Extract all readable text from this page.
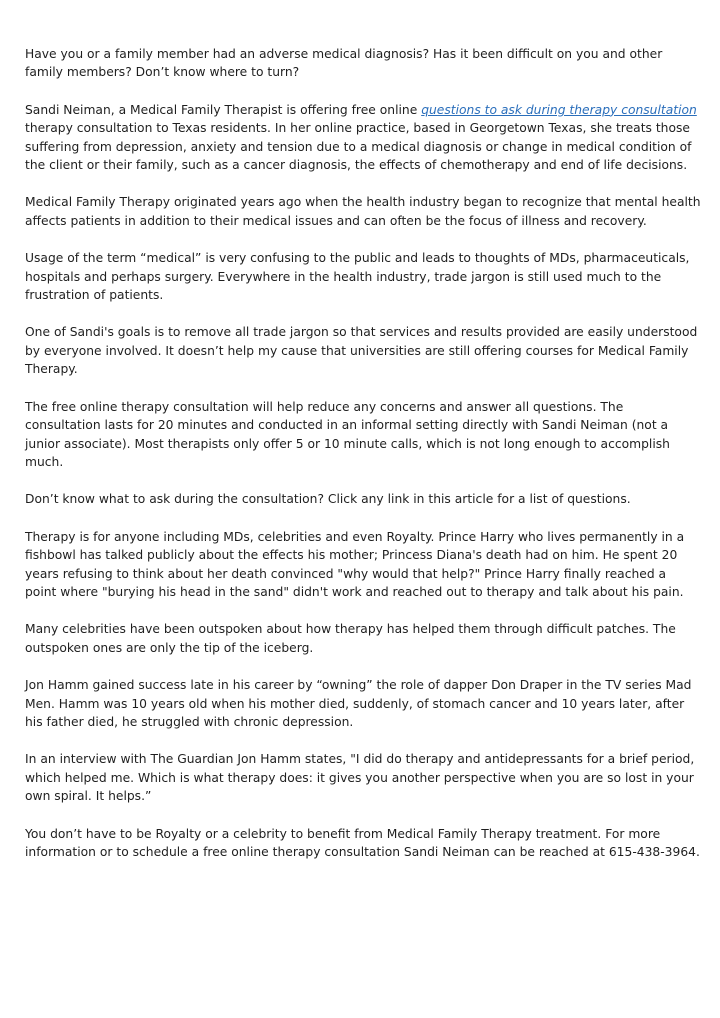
Have you or a family member had an adverse medical diagnosis? Has it been difficult on you and other family members? Don’t know where to turn?

Sandi Neiman, a Medical Family Therapist is offering free online questions to ask during therapy consultation therapy consultation to Texas residents. In her online practice, based in Georgetown Texas, she treats those suffering from depression, anxiety and tension due to a medical diagnosis or change in medical condition of the client or their family, such as a cancer diagnosis, the effects of chemotherapy and end of life decisions.

Medical Family Therapy originated years ago when the health industry began to recognize that mental health affects patients in addition to their medical issues and can often be the focus of illness and recovery.

Usage of the term “medical” is very confusing to the public and leads to thoughts of MDs, pharmaceuticals, hospitals and perhaps surgery. Everywhere in the health industry, trade jargon is still used much to the frustration of patients.

One of Sandi's goals is to remove all trade jargon so that services and results provided are easily understood by everyone involved. It doesn’t help my cause that universities are still offering courses for Medical Family Therapy.

The free online therapy consultation will help reduce any concerns and answer all questions. The consultation lasts for 20 minutes and conducted in an informal setting directly with Sandi Neiman (not a junior associate). Most therapists only offer 5 or 10 minute calls, which is not long enough to accomplish much.

Don’t know what to ask during the consultation? Click any link in this article for a list of questions.

Therapy is for anyone including MDs, celebrities and even Royalty. Prince Harry who lives permanently in a fishbowl has talked publicly about the effects his mother; Princess Diana's death had on him. He spent 20 years refusing to think about her death convinced "why would that help?" Prince Harry finally reached a point where "burying his head in the sand" didn't work and reached out to therapy and talk about his pain.

Many celebrities have been outspoken about how therapy has helped them through difficult patches. The outspoken ones are only the tip of the iceberg.

Jon Hamm gained success late in his career by “owning” the role of dapper Don Draper in the TV series Mad Men. Hamm was 10 years old when his mother died, suddenly, of stomach cancer and 10 years later, after his father died, he struggled with chronic depression.

In an interview with The Guardian Jon Hamm states, "I did do therapy and antidepressants for a brief period, which helped me. Which is what therapy does: it gives you another perspective when you are so lost in your own spiral. It helps.”

You don’t have to be Royalty or a celebrity to benefit from Medical Family Therapy treatment. For more information or to schedule a free online therapy consultation Sandi Neiman can be reached at 615-438-3964.
